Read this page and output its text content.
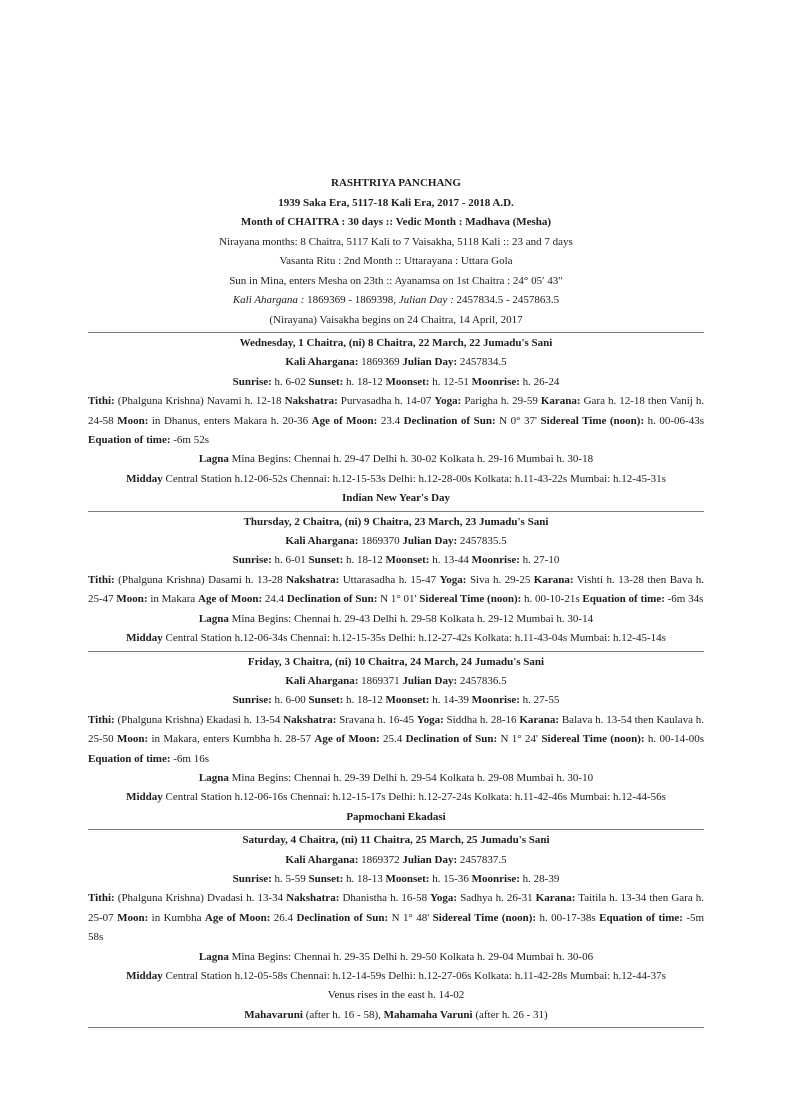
RASHTRIYA PANCHANG

1939 Saka Era, 5117-18 Kali Era, 2017 - 2018 A.D.

Month of CHAITRA : 30 days :: Vedic Month : Madhava (Mesha)

Nirayana months: 8 Chaitra, 5117 Kali to 7 Vaisakha, 5118 Kali :: 23 and 7 days

Vasanta Ritu : 2nd Month :: Uttarayana : Uttara Gola

Sun in Mina, enters Mesha on 23th :: Ayanamsa on 1st Chaitra : 24° 05′ 43″

Kali Ahargana : 1869369 - 1869398, Julian Day : 2457834.5 - 2457863.5

(Nirayana) Vaisakha begins on 24 Chaitra, 14 April, 2017

Wednesday, 1 Chaitra, (ni) 8 Chaitra, 22 March, 22 Jumadu's Sani

Kali Ahargana: 1869369 Julian Day: 2457834.5

Sunrise: h. 6-02 Sunset: h. 18-12 Moonset: h. 12-51 Moonrise: h. 26-24

Tithi: (Phalguna Krishna) Navami h. 12-18 Nakshatra: Purvasadha h. 14-07 Yoga: Parigha h. 29-59 Karana: Gara h. 12-18 then Vanij h. 24-58 Moon: in Dhanus, enters Makara h. 20-36 Age of Moon: 23.4 Declination of Sun: N 0° 37' Sidereal Time (noon): h. 00-06-43s Equation of time: -6m 52s

Lagna Mina Begins: Chennai h. 29-47 Delhi h. 30-02 Kolkata h. 29-16 Mumbai h. 30-18

Midday Central Station h.12-06-52s Chennai: h.12-15-53s Delhi: h.12-28-00s Kolkata: h.11-43-22s Mumbai: h.12-45-31s

Indian New Year's Day

Thursday, 2 Chaitra, (ni) 9 Chaitra, 23 March, 23 Jumadu's Sani

Kali Ahargana: 1869370 Julian Day: 2457835.5

Sunrise: h. 6-01 Sunset: h. 18-12 Moonset: h. 13-44 Moonrise: h. 27-10

Tithi: (Phalguna Krishna) Dasami h. 13-28 Nakshatra: Uttarasadha h. 15-47 Yoga: Siva h. 29-25 Karana: Vishti h. 13-28 then Bava h. 25-47 Moon: in Makara Age of Moon: 24.4 Declination of Sun: N 1° 01' Sidereal Time (noon): h. 00-10-21s Equation of time: -6m 34s

Lagna Mina Begins: Chennai h. 29-43 Delhi h. 29-58 Kolkata h. 29-12 Mumbai h. 30-14

Midday Central Station h.12-06-34s Chennai: h.12-15-35s Delhi: h.12-27-42s Kolkata: h.11-43-04s Mumbai: h.12-45-14s

Friday, 3 Chaitra, (ni) 10 Chaitra, 24 March, 24 Jumadu's Sani

Kali Ahargana: 1869371 Julian Day: 2457836.5

Sunrise: h. 6-00 Sunset: h. 18-12 Moonset: h. 14-39 Moonrise: h. 27-55

Tithi: (Phalguna Krishna) Ekadasi h. 13-54 Nakshatra: Sravana h. 16-45 Yoga: Siddha h. 28-16 Karana: Balava h. 13-54 then Kaulava h. 25-50 Moon: in Makara, enters Kumbha h. 28-57 Age of Moon: 25.4 Declination of Sun: N 1° 24' Sidereal Time (noon): h. 00-14-00s Equation of time: -6m 16s

Lagna Mina Begins: Chennai h. 29-39 Delhi h. 29-54 Kolkata h. 29-08 Mumbai h. 30-10

Midday Central Station h.12-06-16s Chennai: h.12-15-17s Delhi: h.12-27-24s Kolkata: h.11-42-46s Mumbai: h.12-44-56s

Papmochani Ekadasi

Saturday, 4 Chaitra, (ni) 11 Chaitra, 25 March, 25 Jumadu's Sani

Kali Ahargana: 1869372 Julian Day: 2457837.5

Sunrise: h. 5-59 Sunset: h. 18-13 Moonset: h. 15-36 Moonrise: h. 28-39

Tithi: (Phalguna Krishna) Dvadasi h. 13-34 Nakshatra: Dhanistha h. 16-58 Yoga: Sadhya h. 26-31 Karana: Taitila h. 13-34 then Gara h. 25-07 Moon: in Kumbha Age of Moon: 26.4 Declination of Sun: N 1° 48' Sidereal Time (noon): h. 00-17-38s Equation of time: -5m 58s

Lagna Mina Begins: Chennai h. 29-35 Delhi h. 29-50 Kolkata h. 29-04 Mumbai h. 30-06

Midday Central Station h.12-05-58s Chennai: h.12-14-59s Delhi: h.12-27-06s Kolkata: h.11-42-28s Mumbai: h.12-44-37s

Venus rises in the east h. 14-02

Mahavaruni (after h. 16 - 58), Mahamaha Varuni (after h. 26 - 31)
